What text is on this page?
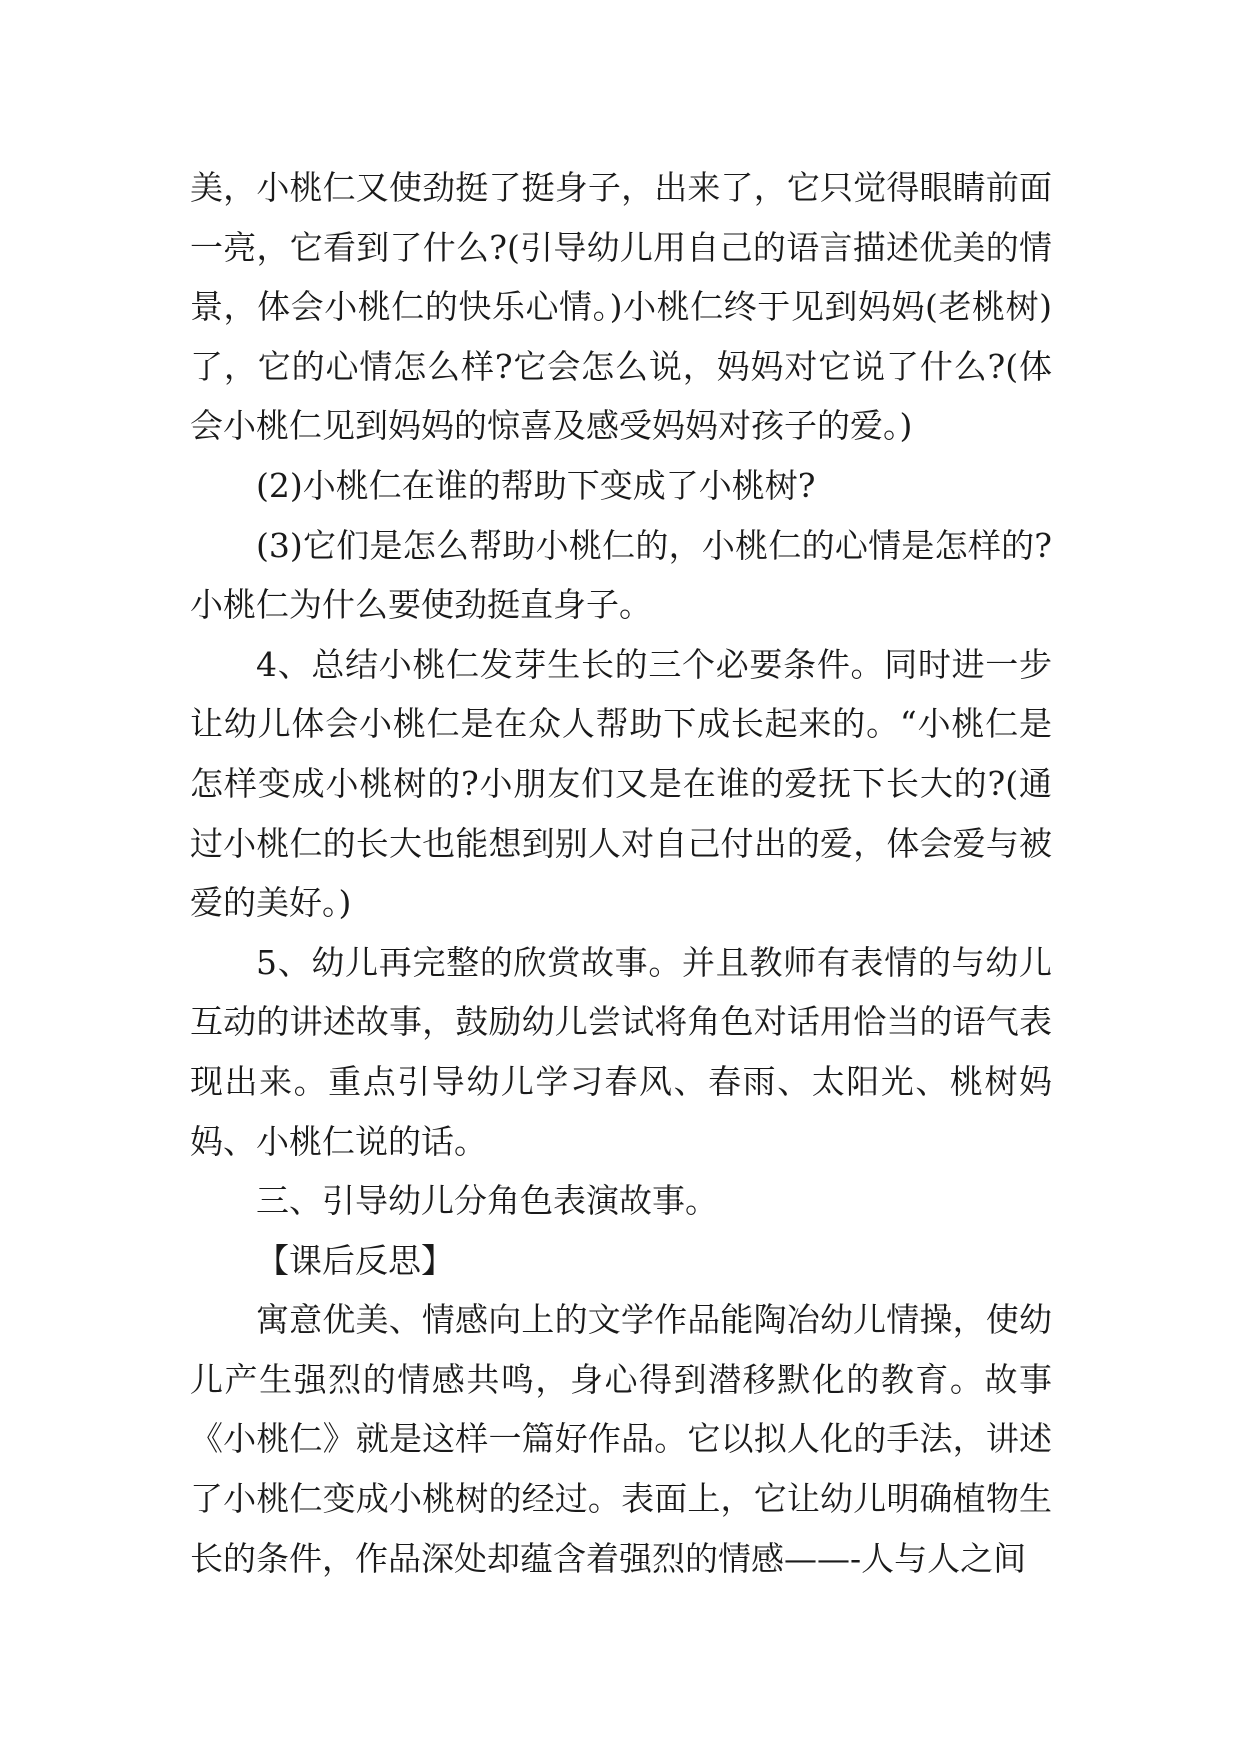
美，小桃仁又使劲挺了挺身子，出来了，它只觉得眼睛前面一亮，它看到了什么?(引导幼儿用自己的语言描述优美的情景，体会小桃仁的快乐心情。)小桃仁终于见到妈妈(老桃树)了，它的心情怎么样?它会怎么说，妈妈对它说了什么?(体会小桃仁见到妈妈的惊喜及感受妈妈对孩子的爱。)

(2)小桃仁在谁的帮助下变成了小桃树?

(3)它们是怎么帮助小桃仁的，小桃仁的心情是怎样的?小桃仁为什么要使劲挺直身子。

4、总结小桃仁发芽生长的三个必要条件。同时进一步让幼儿体会小桃仁是在众人帮助下成长起来的。“小桃仁是怎样变成小桃树的?小朋友们又是在谁的爱抚下长大的?(通过小桃仁的长大也能想到别人对自己付出的爱，体会爱与被爱的美好。)

5、幼儿再完整的欣赏故事。并且教师有表情的与幼儿互动的讲述故事，鼓励幼儿尝试将角色对话用恰当的语气表现出来。重点引导幼儿学习春风、春雨、太阳光、桃树妈妈、小桃仁说的话。

三、引导幼儿分角色表演故事。

【课后反思】

寓意优美、情感向上的文学作品能陶冶幼儿情操，使幼儿产生强烈的情感共鸣，身心得到潜移默化的教育。故事《小桃仁》就是这样一篇好作品。它以拟人化的手法，讲述了小桃仁变成小桃树的经过。表面上，它让幼儿明确植物生长的条件，作品深处却蕴含着强烈的情感——-人与人之间
